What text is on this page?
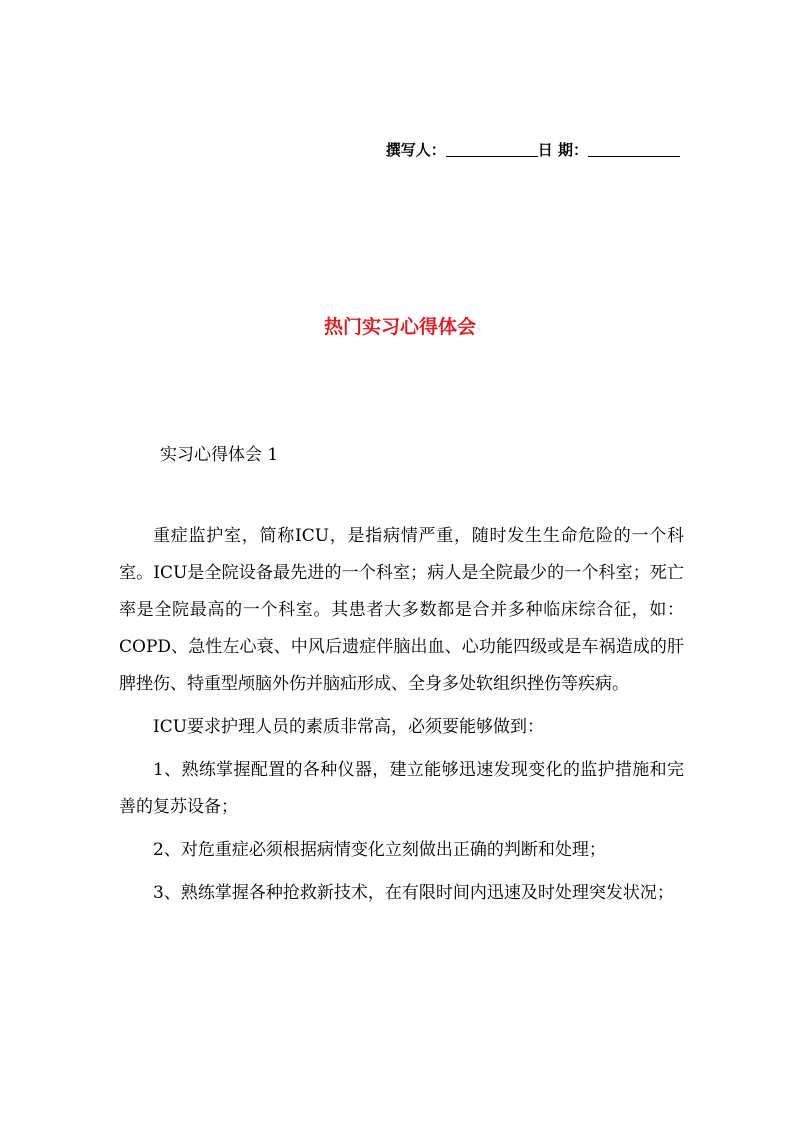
撰写人：	日 期：
热门实习心得体会
实习心得体会 1

重症监护室，简称ICU，是指病情严重，随时发生生命危险的一个科室。ICU是全院设备最先进的一个科室；病人是全院最少的一个科室；死亡率是全院最高的一个科室。其患者大多数都是合并多种临床综合征，如：COPD、急性左心衰、中风后遗症伴脑出血、心功能四级或是车祸造成的肝脾挫伤、特重型颅脑外伤并脑疝形成、全身多处软组织挫伤等疾病。

ICU要求护理人员的素质非常高，必须要能够做到：

1、熟练掌握配置的各种仪器，建立能够迅速发现变化的监护措施和完善的复苏设备；

2、对危重症必须根据病情变化立刻做出正确的判断和处理；

3、熟练掌握各种抢救新技术，在有限时间内迅速及时处理突发状况；
